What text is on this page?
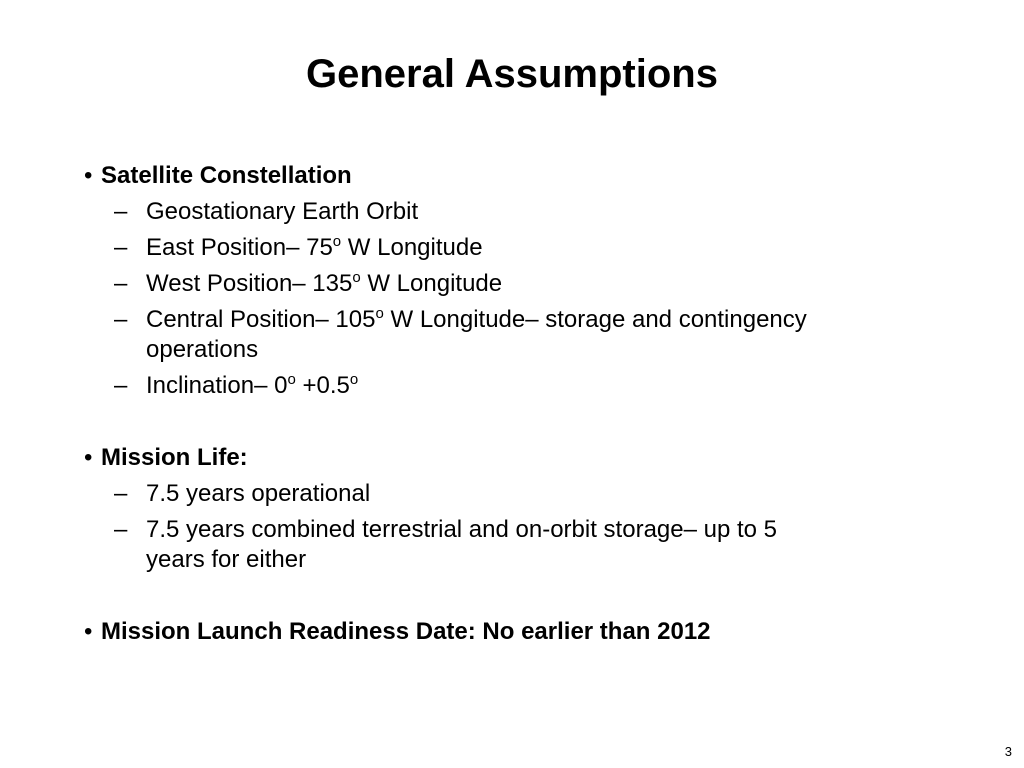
General Assumptions
• Satellite Constellation
– Geostationary Earth Orbit
– East Position– 75$^o$ W Longitude
– West Position– 135$^o$ W Longitude
– Central Position– 105$^o$ W Longitude– storage and contingency
operations
– Inclination– $0^o +0.5^o$
• Mission Life:
– 7.5 years operational
– 7.5 years combined terrestrial and on-orbit storage– up to 5
years for either
• Mission Launch Readiness Date: No earlier than 2012
3
